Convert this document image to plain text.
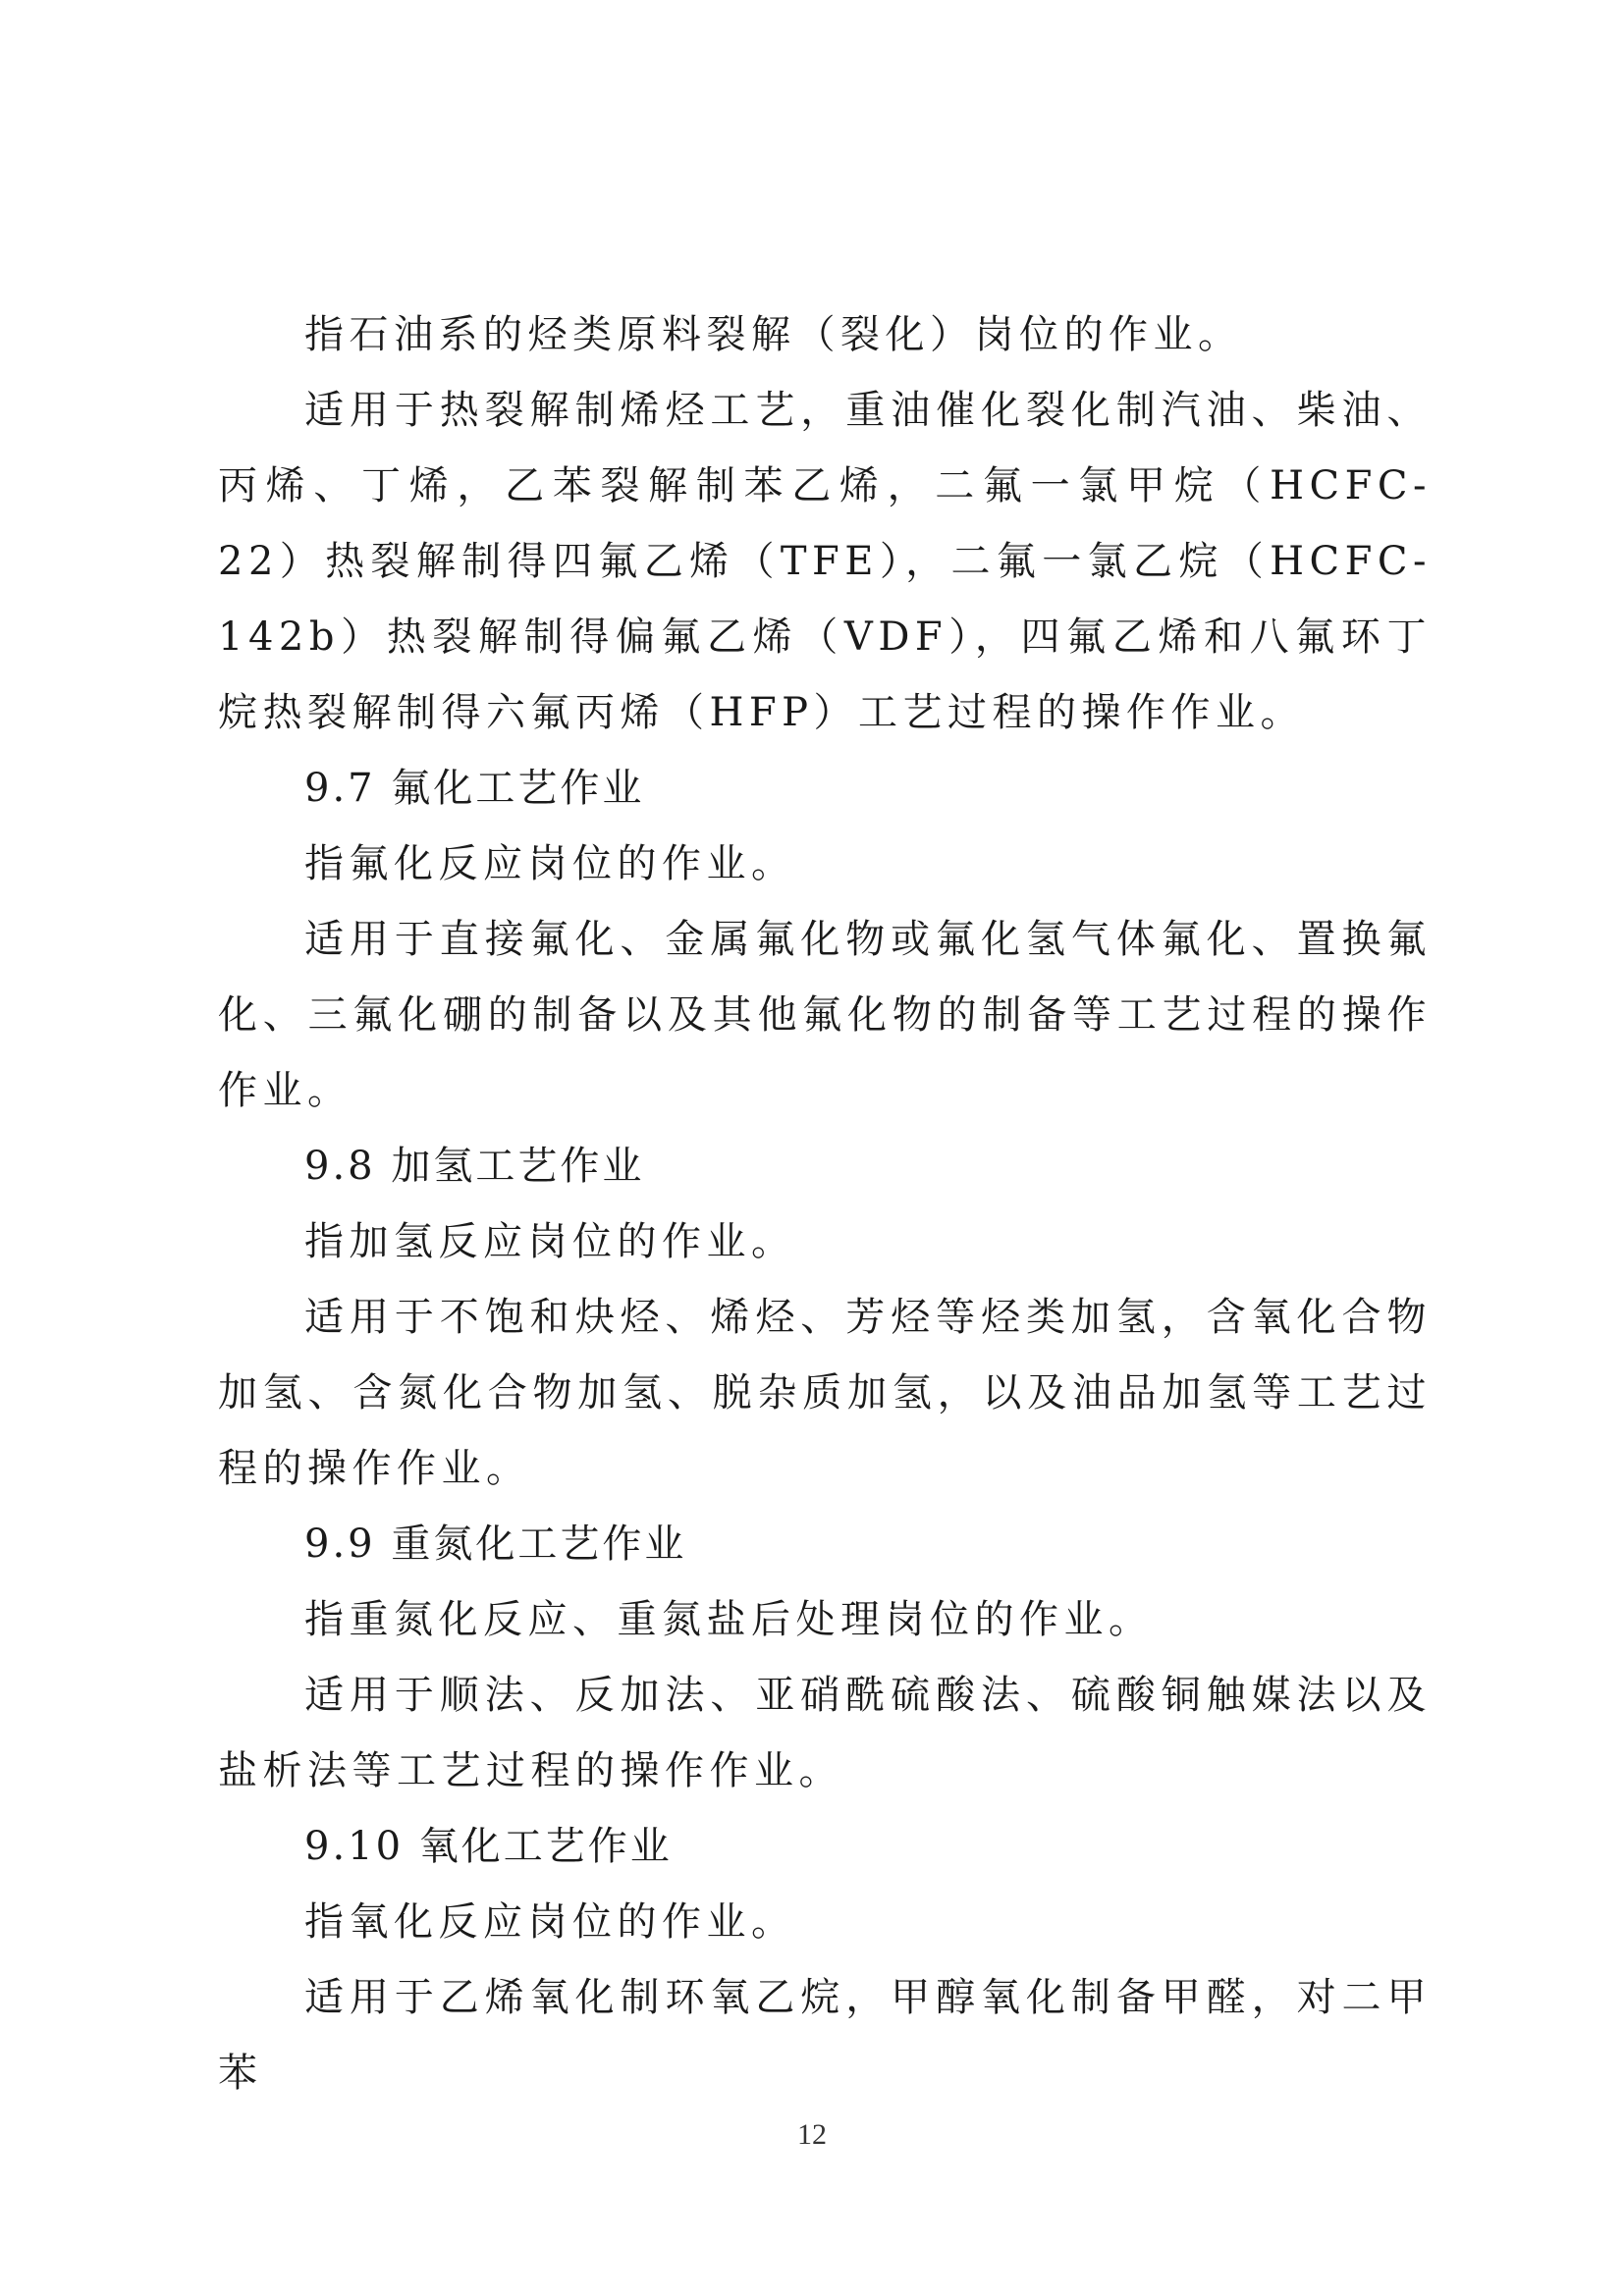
指石油系的烃类原料裂解（裂化）岗位的作业。

适用于热裂解制烯烃工艺，重油催化裂化制汽油、柴油、丙烯、丁烯，乙苯裂解制苯乙烯，二氟一氯甲烷（HCFC-22）热裂解制得四氟乙烯（TFE），二氟一氯乙烷（HCFC-142b）热裂解制得偏氟乙烯（VDF），四氟乙烯和八氟环丁烷热裂解制得六氟丙烯（HFP）工艺过程的操作作业。

9.7 氟化工艺作业

指氟化反应岗位的作业。

适用于直接氟化、金属氟化物或氟化氢气体氟化、置换氟化、三氟化硼的制备以及其他氟化物的制备等工艺过程的操作作业。

9.8 加氢工艺作业

指加氢反应岗位的作业。

适用于不饱和炔烃、烯烃、芳烃等烃类加氢，含氧化合物加氢、含氮化合物加氢、脱杂质加氢，以及油品加氢等工艺过程的操作作业。

9.9 重氮化工艺作业

指重氮化反应、重氮盐后处理岗位的作业。

适用于顺法、反加法、亚硝酰硫酸法、硫酸铜触媒法以及盐析法等工艺过程的操作作业。

9.10 氧化工艺作业

指氧化反应岗位的作业。

适用于乙烯氧化制环氧乙烷，甲醇氧化制备甲醛，对二甲苯

12
